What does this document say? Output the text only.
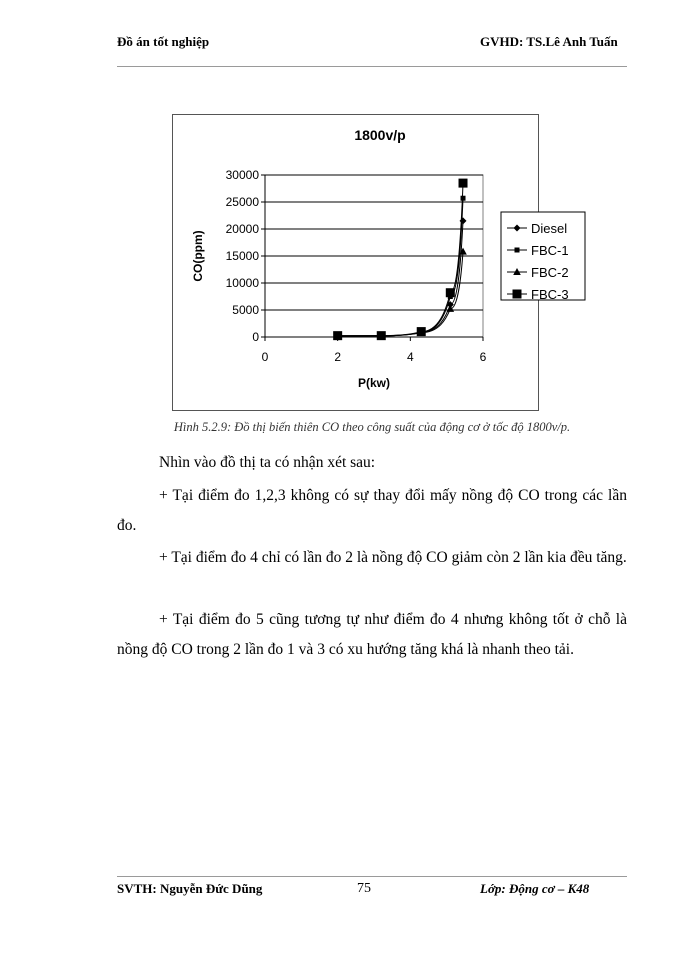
Đồ án tốt nghiệp	GVHD: TS.Lê Anh Tuấn
1800v/p
0
5000
10000
15000
20000
25000
30000
0	2	4	6
P(kw)
CO(ppm)
Diesel
FBC-1
FBC-2
FBC-3
Hình 5.2.9: Đồ thị biến thiên CO theo công suất của động cơ ở tốc độ 1800v/p.
Nhìn vào đồ thị ta có nhận xét sau:
+ Tại điểm đo 1,2,3 không có sự thay đổi mấy nồng độ CO trong các lần đo.
+ Tại điểm đo 4 chỉ có lần đo 2 là nồng độ CO giảm còn 2 lần kia đều tăng.
+ Tại điểm đo 5 cũng tương tự như điểm đo 4 nhưng không tốt ở chỗ là nồng độ CO trong 2 lần đo 1 và 3 có xu hướng tăng khá là nhanh theo tải.
SVTH: Nguyễn Đức Dũng	75	Lớp: Động cơ – K48
